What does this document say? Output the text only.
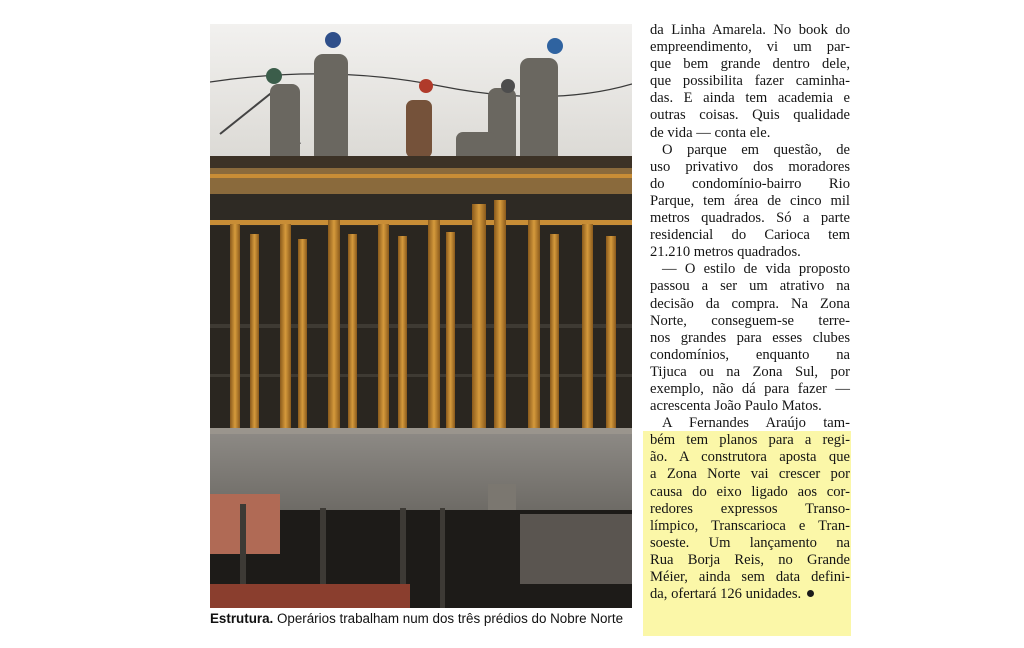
Estrutura. Operários trabalham num dos três prédios do Nobre Norte
da Linha Amarela. No book do
empreendimento, vi um par-
que bem grande dentro dele,
que possibilita fazer caminha-
das. E ainda tem academia e
outras coisas. Quis qualidade
de vida — conta ele.
O parque em questão, de
uso privativo dos moradores
do condomínio-bairro Rio
Parque, tem área de cinco mil
metros quadrados. Só a parte
residencial do Carioca tem
21.210 metros quadrados.
— O estilo de vida proposto
passou a ser um atrativo na
decisão da compra. Na Zona
Norte, conseguem-se terre-
nos grandes para esses clubes
condomínios, enquanto na
Tijuca ou na Zona Sul, por
exemplo, não dá para fazer —
acrescenta João Paulo Matos.
A Fernandes Araújo tam-
bém tem planos para a regi-
ão. A construtora aposta que
a Zona Norte vai crescer por
causa do eixo ligado aos cor-
redores expressos Transo-
límpico, Transcarioca e Tran-
soeste. Um lançamento na
Rua Borja Reis, no Grande
Méier, ainda sem data defini-
da, ofertará 126 unidades.
